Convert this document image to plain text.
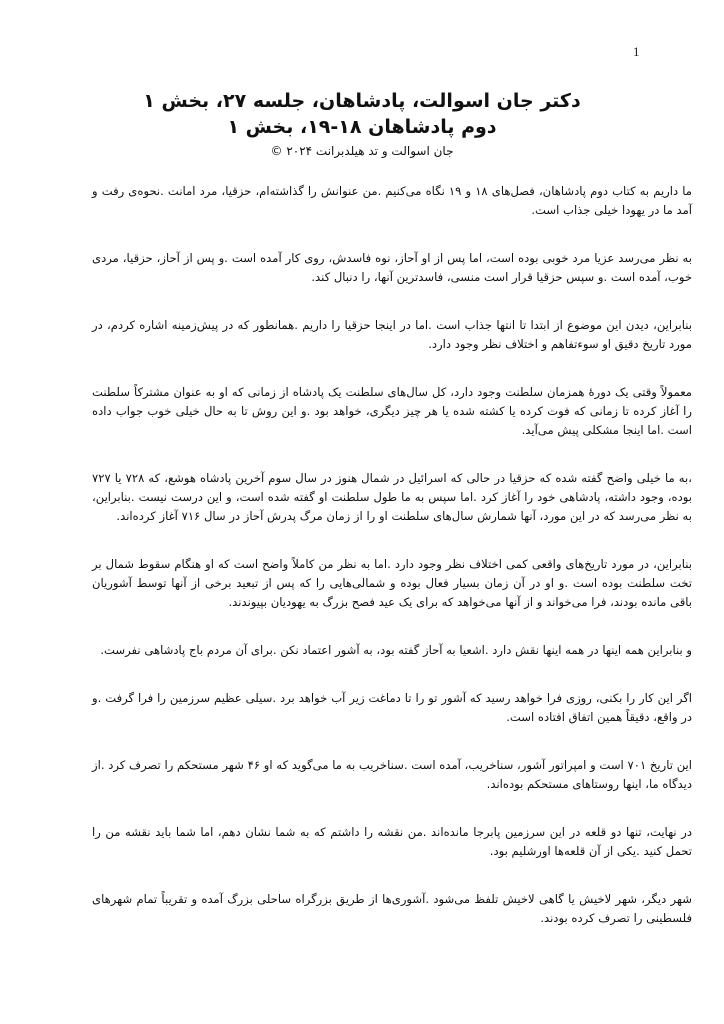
1

دکتر جان اسوالت، پادشاهان، جلسه ۲۷، بخش ۱

دوم پادشاهان ۱۸-۱۹، بخش ۱

جان اسوالت و تد هیلدبرانت ۲۰۲۴ ©

ما داریم به کتاب دوم پادشاهان، فصل‌های ۱۸ و ۱۹ نگاه می‌کنیم .من عنوانش را گذاشته‌ام، حزقیا، مرد امانت .نحوه‌ی رفت و آمد ما در یهودا خیلی جذاب است.

به نظر می‌رسد عزیا مرد خوبی بوده است، اما پس از او آحاز، نوه فاسدش، روی کار آمده است .و پس از آحاز، حزقیا، مردی خوب، آمده است .و سپس حزقیا قرار است منسی، فاسدترین آنها، را دنبال کند.

بنابراین، دیدن این موضوع از ابتدا تا انتها جذاب است .اما در اینجا حزقیا را داریم .همانطور که در پیش‌زمینه اشاره کردم، در مورد تاریخ دقیق او سوءتفاهم و اختلاف نظر وجود دارد.

معمولاً وقتی یک دورهٔ همزمان سلطنت وجود دارد، کل سال‌های سلطنت یک پادشاه از زمانی که او به عنوان مشترکاً سلطنت را آغاز کرده تا زمانی که فوت کرده یا کشته شده یا هر چیز دیگری، خواهد بود .و این روش تا به حال خیلی خوب جواب داده است .اما اینجا مشکلی پیش می‌آید.

،به ما خیلی واضح گفته شده که حزقیا در حالی که اسرائیل در شمال هنوز در سال سوم آخرین پادشاه هوشع، که ۷۲۸ یا ۷۲۷ بوده، وجود داشته، پادشاهی خود را آغاز کرد .اما سپس به ما طول سلطنت او گفته شده است، و این درست نیست .بنابراین، به نظر می‌رسد که در این مورد، آنها شمارش سال‌های سلطنت او را از زمان مرگ پدرش آحاز در سال ۷۱۶ آغاز کرده‌اند.

بنابراین، در مورد تاریخ‌های واقعی کمی اختلاف نظر وجود دارد .اما به نظر من کاملاً واضح است که او هنگام سقوط شمال بر تخت سلطنت بوده است .و او در آن زمان بسیار فعال بوده و شمالی‌هایی را که پس از تبعید برخی از آنها توسط آشوریان باقی مانده بودند، فرا می‌خواند و از آنها می‌خواهد که برای یک عید فصح بزرگ به یهودیان بپیوندند.

و بنابراین همه اینها در همه اینها نقش دارد .اشعیا به آحاز گفته بود، به آشور اعتماد نکن .برای آن مردم باج پادشاهی نفرست.

اگر این کار را بکنی، روزی فرا خواهد رسید که آشور تو را تا دماغت زیر آب خواهد برد .سیلی عظیم سرزمین را فرا گرفت .و در واقع، دقیقاً همین اتفاق افتاده است.

این تاریخ ۷۰۱ است و امپراتور آشور، سناخریب، آمده است .سناخریب به ما می‌گوید که او ۴۶ شهر مستحکم را تصرف کرد .از دیدگاه ما، اینها روستاهای مستحکم بوده‌اند.

در نهایت، تنها دو قلعه در این سرزمین پابرجا مانده‌اند .من نقشه را داشتم که به شما نشان دهم، اما شما باید نقشه من را تحمل کنید .یکی از آن قلعه‌ها اورشلیم بود.

شهر دیگر، شهر لاخیش یا گاهی لاخیش تلفظ می‌شود .آشوری‌ها از طریق بزرگراه ساحلی بزرگ آمده و تقریباً تمام شهرهای فلسطینی را تصرف کرده بودند.
